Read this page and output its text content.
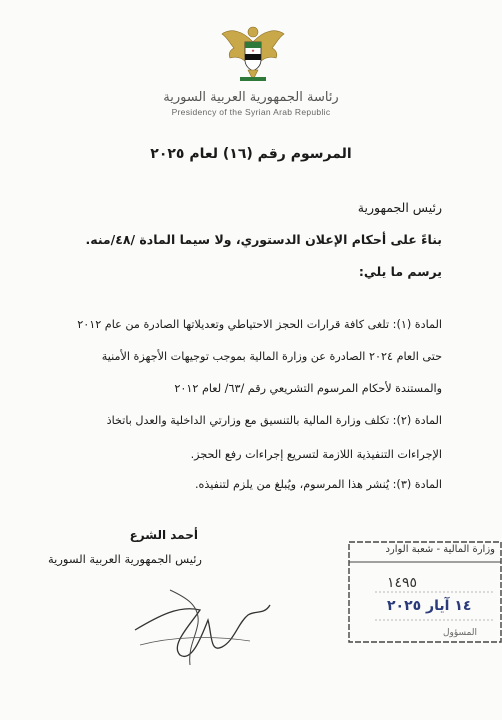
رئاسة الجمهورية العربية السورية
Presidency of the Syrian Arab Republic
المرسوم رقم (١٦) لعام ٢٠٢٥
رئيس الجمهورية
بناءً على أحكام الإعلان الدستوري، ولا سيما المادة /٤٨/منه.
يرسم ما يلي:
المادة (١): تلغى كافة قرارات الحجز الاحتياطي وتعديلاتها الصادرة من عام ٢٠١٢
حتى العام ٢٠٢٤ الصادرة عن وزارة المالية بموجب توجيهات الأجهزة الأمنية
والمستندة لأحكام المرسوم التشريعي رقم /٦٣/ لعام ٢٠١٢
المادة (٢): تكلف وزارة المالية بالتنسيق مع وزارتي الداخلية والعدل باتخاذ
الإجراءات التنفيذية اللازمة لتسريع إجراءات رفع الحجز.
المادة (٣): يُنشر هذا المرسوم، ويُبلغ من يلزم لتنفيذه.
أحمد الشرع
رئيس الجمهورية العربية السورية
وزارة المالية - شعبة الوارد
١٤٩٥
١٤ آيار ٢٠٢٥
المسؤول
